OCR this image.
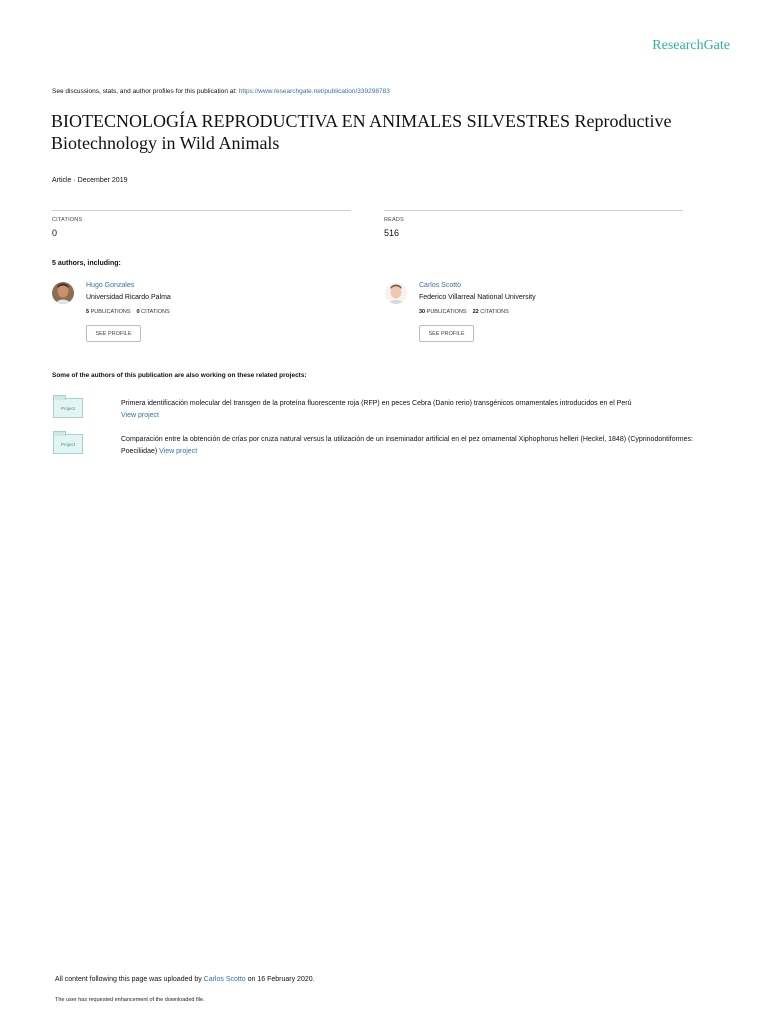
ResearchGate
See discussions, stats, and author profiles for this publication at: https://www.researchgate.net/publication/339298783
BIOTECNOLOGÍA REPRODUCTIVA EN ANIMALES SILVESTRES Reproductive Biotechnology in Wild Animals
Article · December 2019
CITATIONS
0
READS
516
5 authors, including:
Hugo Gonzales
Universidad Ricardo Palma
5 PUBLICATIONS 0 CITATIONS
SEE PROFILE
Carlos Scotto
Federico Villarreal National University
30 PUBLICATIONS 22 CITATIONS
SEE PROFILE
Some of the authors of this publication are also working on these related projects:
Project
Primera identificación molecular del transgen de la proteína fluorescente roja (RFP) en peces Cebra (Danio rerio) transgénicos ornamentales introducidos en el Perú
View project
Project
Comparación entre la obtención de crías por cruza natural versus la utilización de un inseminador artificial en el pez ornamental Xiphophorus helleri (Heckel, 1848) (Cyprinodontiformes: Poeciliidae) View project
All content following this page was uploaded by Carlos Scotto on 16 February 2020.
The user has requested enhancement of the downloaded file.
